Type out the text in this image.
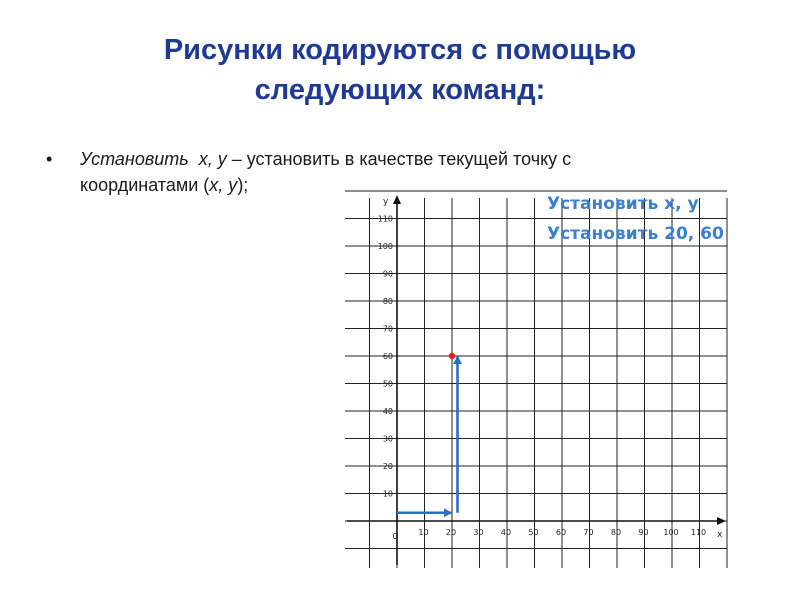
Рисунки кодируются с помощью
следующих команд:
•	Установить x, y – установить в качестве текущей точку с
координатами (x, y);
10 20 30 40 50 60 70 80 90 100 110
10
20
30
40
50
60
70
80
90
100
110
0	x
y	Установить x, y
Установить 20, 60
